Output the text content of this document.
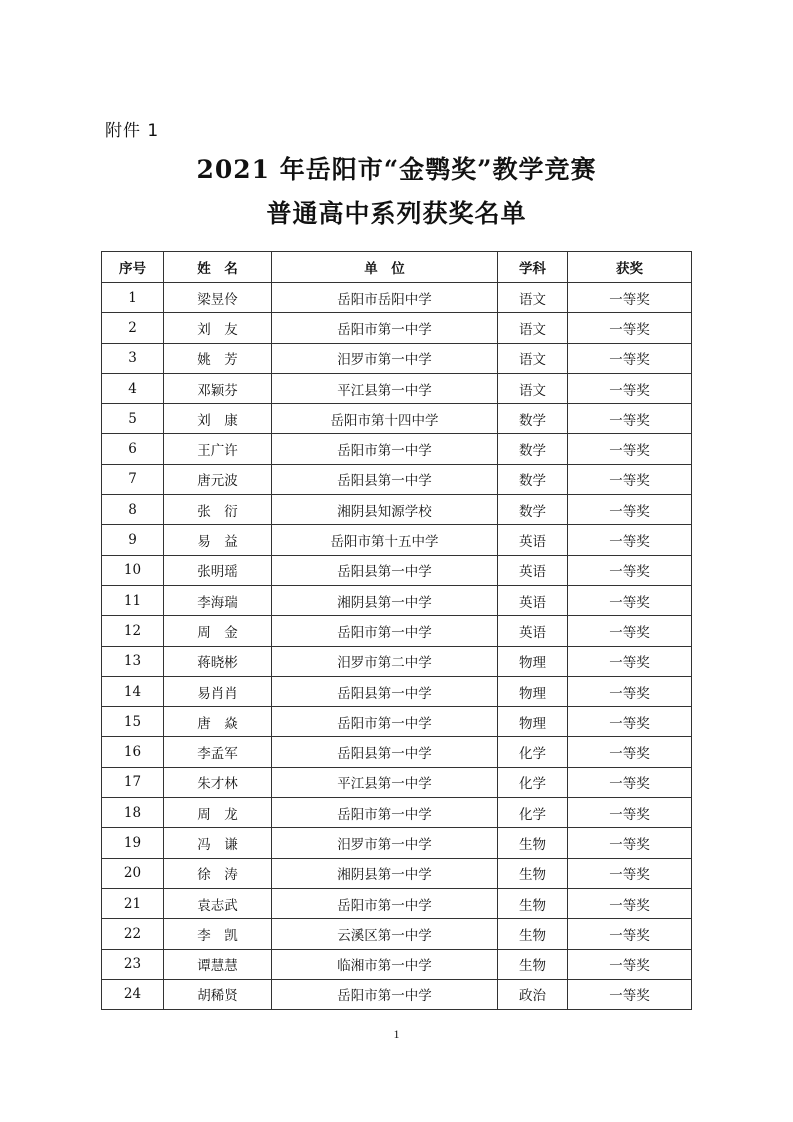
附件 1
2021 年岳阳市“金鹗奖”教学竞赛
普通高中系列获奖名单
序号	姓　名	单　位	学科	获奖
1	梁昱伶	岳阳市岳阳中学	语文	一等奖
2	刘　友	岳阳市第一中学	语文	一等奖
3	姚　芳	汨罗市第一中学	语文	一等奖
4	邓颖芬	平江县第一中学	语文	一等奖
5	刘　康	岳阳市第十四中学	数学	一等奖
6	王广许	岳阳市第一中学	数学	一等奖
7	唐元波	岳阳县第一中学	数学	一等奖
8	张　衍	湘阴县知源学校	数学	一等奖
9	易　益	岳阳市第十五中学	英语	一等奖
10	张明瑶	岳阳县第一中学	英语	一等奖
11	李海瑞	湘阴县第一中学	英语	一等奖
12	周　金	岳阳市第一中学	英语	一等奖
13	蒋晓彬	汨罗市第二中学	物理	一等奖
14	易肖肖	岳阳县第一中学	物理	一等奖
15	唐　焱	岳阳市第一中学	物理	一等奖
16	李孟军	岳阳县第一中学	化学	一等奖
17	朱才林	平江县第一中学	化学	一等奖
18	周　龙	岳阳市第一中学	化学	一等奖
19	冯　谦	汨罗市第一中学	生物	一等奖
20	徐　涛	湘阴县第一中学	生物	一等奖
21	袁志武	岳阳市第一中学	生物	一等奖
22	李　凯	云溪区第一中学	生物	一等奖
23	谭慧慧	临湘市第一中学	生物	一等奖
24	胡稀贤	岳阳市第一中学	政治	一等奖
1
